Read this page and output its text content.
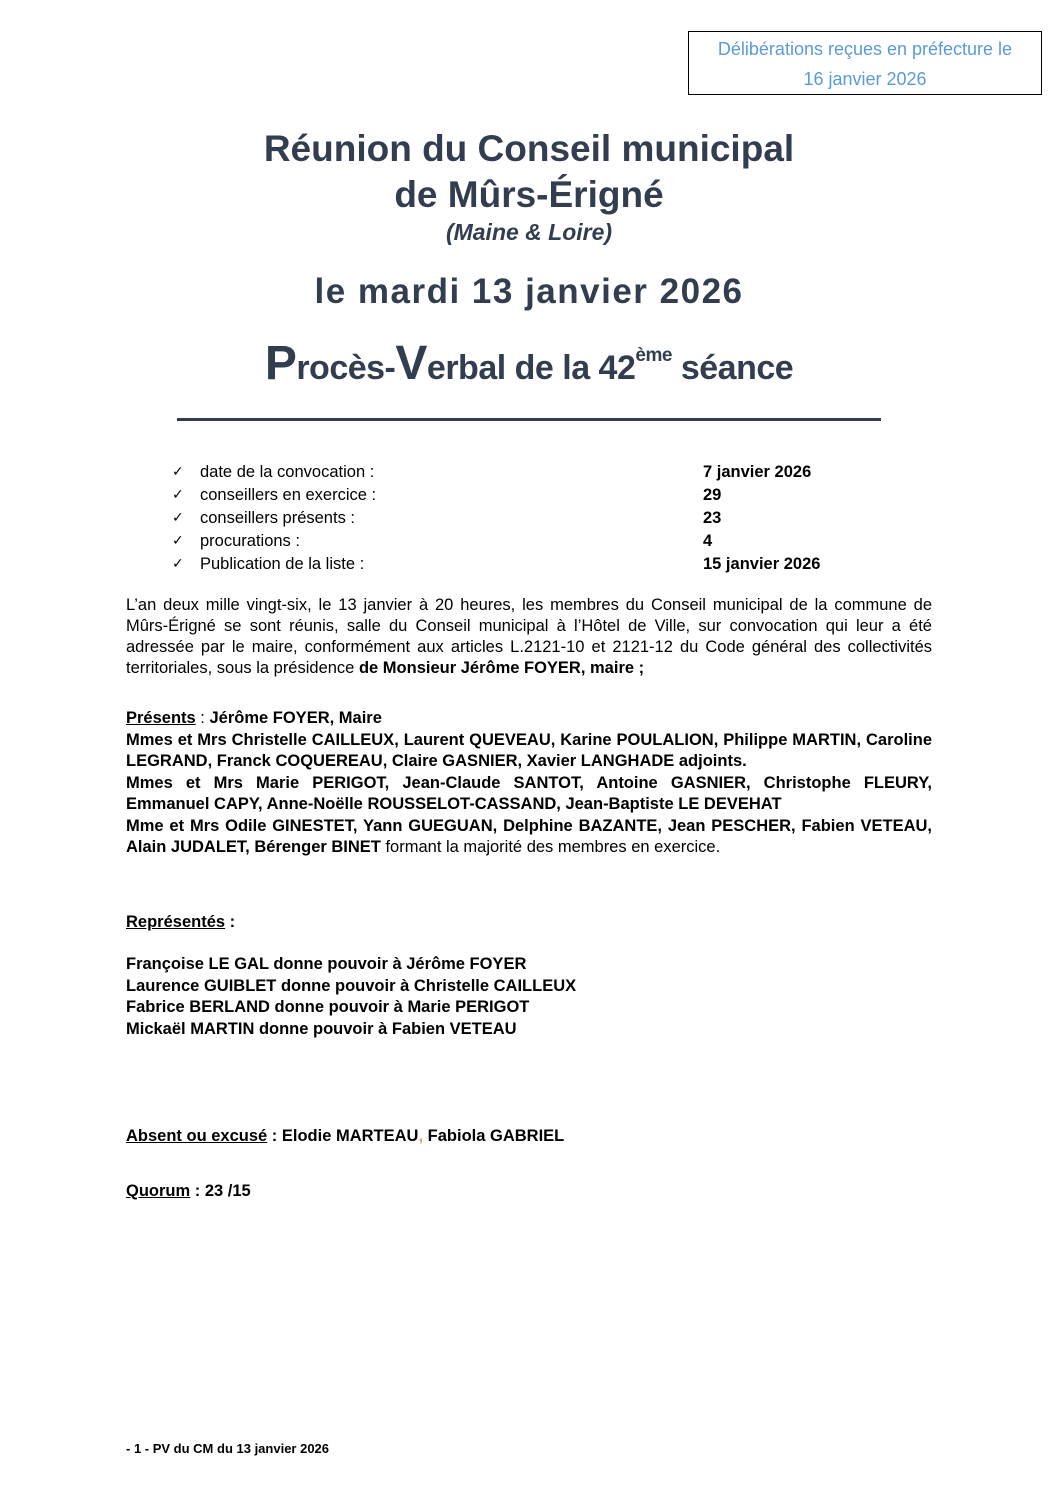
Délibérations reçues en préfecture le
16 janvier 2026
Réunion du Conseil municipal
de Mûrs-Érigné
(Maine & Loire)
le mardi 13 janvier 2026
Procès-Verbal de la 42ème séance
✓ date de la convocation :	7 janvier 2026
✓ conseillers en exercice :	29
✓ conseillers présents :	23
✓ procurations :	4
✓ Publication de la liste :	15 janvier 2026
L’an deux mille vingt-six, le 13 janvier à 20 heures, les membres du Conseil municipal de la commune de Mûrs-Érigné se sont réunis, salle du Conseil municipal à l’Hôtel de Ville, sur convocation qui leur a été adressée par le maire, conformément aux articles L.2121-10 et 2121-12 du Code général des collectivités territoriales, sous la présidence de Monsieur Jérôme FOYER, maire ;
Présents : Jérôme FOYER, Maire
Mmes et Mrs Christelle CAILLEUX, Laurent QUEVEAU, Karine POULALION, Philippe MARTIN, Caroline LEGRAND, Franck COQUEREAU, Claire GASNIER, Xavier LANGHADE adjoints.
Mmes et Mrs Marie PERIGOT, Jean-Claude SANTOT, Antoine GASNIER, Christophe FLEURY, Emmanuel CAPY, Anne-Noëlle ROUSSELOT-CASSAND, Jean-Baptiste LE DEVEHAT
Mme et Mrs Odile GINESTET, Yann GUEGUAN, Delphine BAZANTE, Jean PESCHER, Fabien VETEAU, Alain JUDALET, Bérenger BINET formant la majorité des membres en exercice.
Représentés :
Françoise LE GAL donne pouvoir à Jérôme FOYER
Laurence GUIBLET donne pouvoir à Christelle CAILLEUX
Fabrice BERLAND donne pouvoir à Marie PERIGOT
Mickaël MARTIN donne pouvoir à Fabien VETEAU
Absent ou excusé : Elodie MARTEAU, Fabiola GABRIEL
Quorum : 23 /15
- 1 - PV du CM du 13 janvier 2026
